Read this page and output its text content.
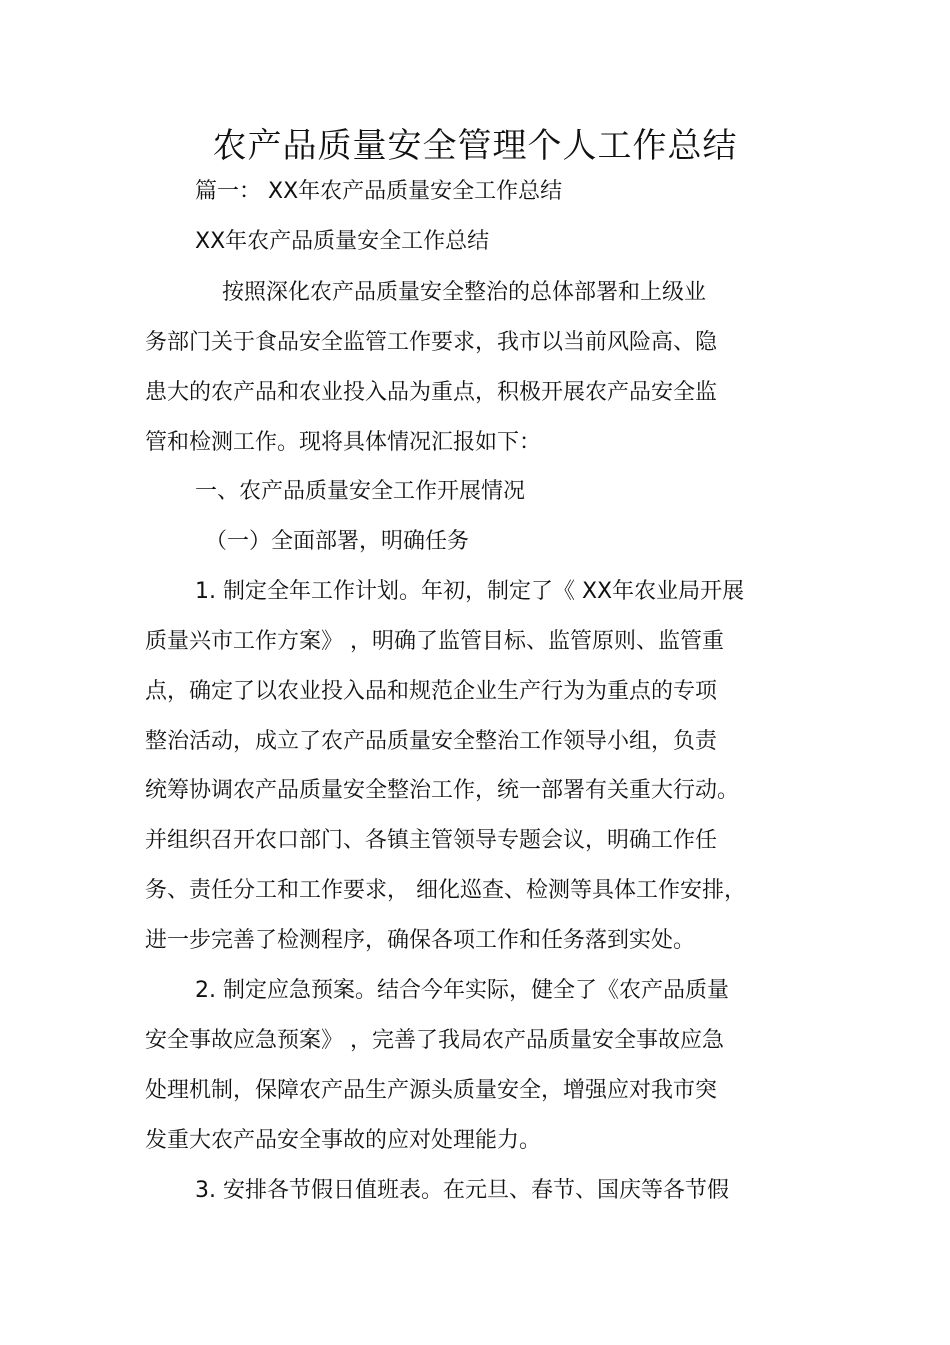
农产品质量安全管理个人工作总结
篇一： XX年农产品质量安全工作总结
XX年农产品质量安全工作总结
按照深化农产品质量安全整治的总体部署和上级业
务部门关于食品安全监管工作要求，我市以当前风险高、隐
患大的农产品和农业投入品为重点，积极开展农产品安全监
管和检测工作。现将具体情况汇报如下：
一、农产品质量安全工作开展情况
（一）全面部署，明确任务
1. 制定全年工作计划。年初，制定了《 XX年农业局开展
质量兴市工作方案》 ，明确了监管目标、监管原则、监管重
点，确定了以农业投入品和规范企业生产行为为重点的专项
整治活动，成立了农产品质量安全整治工作领导小组，负责
统筹协调农产品质量安全整治工作，统一部署有关重大行动。
并组织召开农口部门、各镇主管领导专题会议，明确工作任
务、责任分工和工作要求， 细化巡查、检测等具体工作安排，
进一步完善了检测程序，确保各项工作和任务落到实处。
2. 制定应急预案。结合今年实际，健全了《农产品质量
安全事故应急预案》 ，完善了我局农产品质量安全事故应急
处理机制，保障农产品生产源头质量安全，增强应对我市突
发重大农产品安全事故的应对处理能力。
3. 安排各节假日值班表。在元旦、春节、国庆等各节假
